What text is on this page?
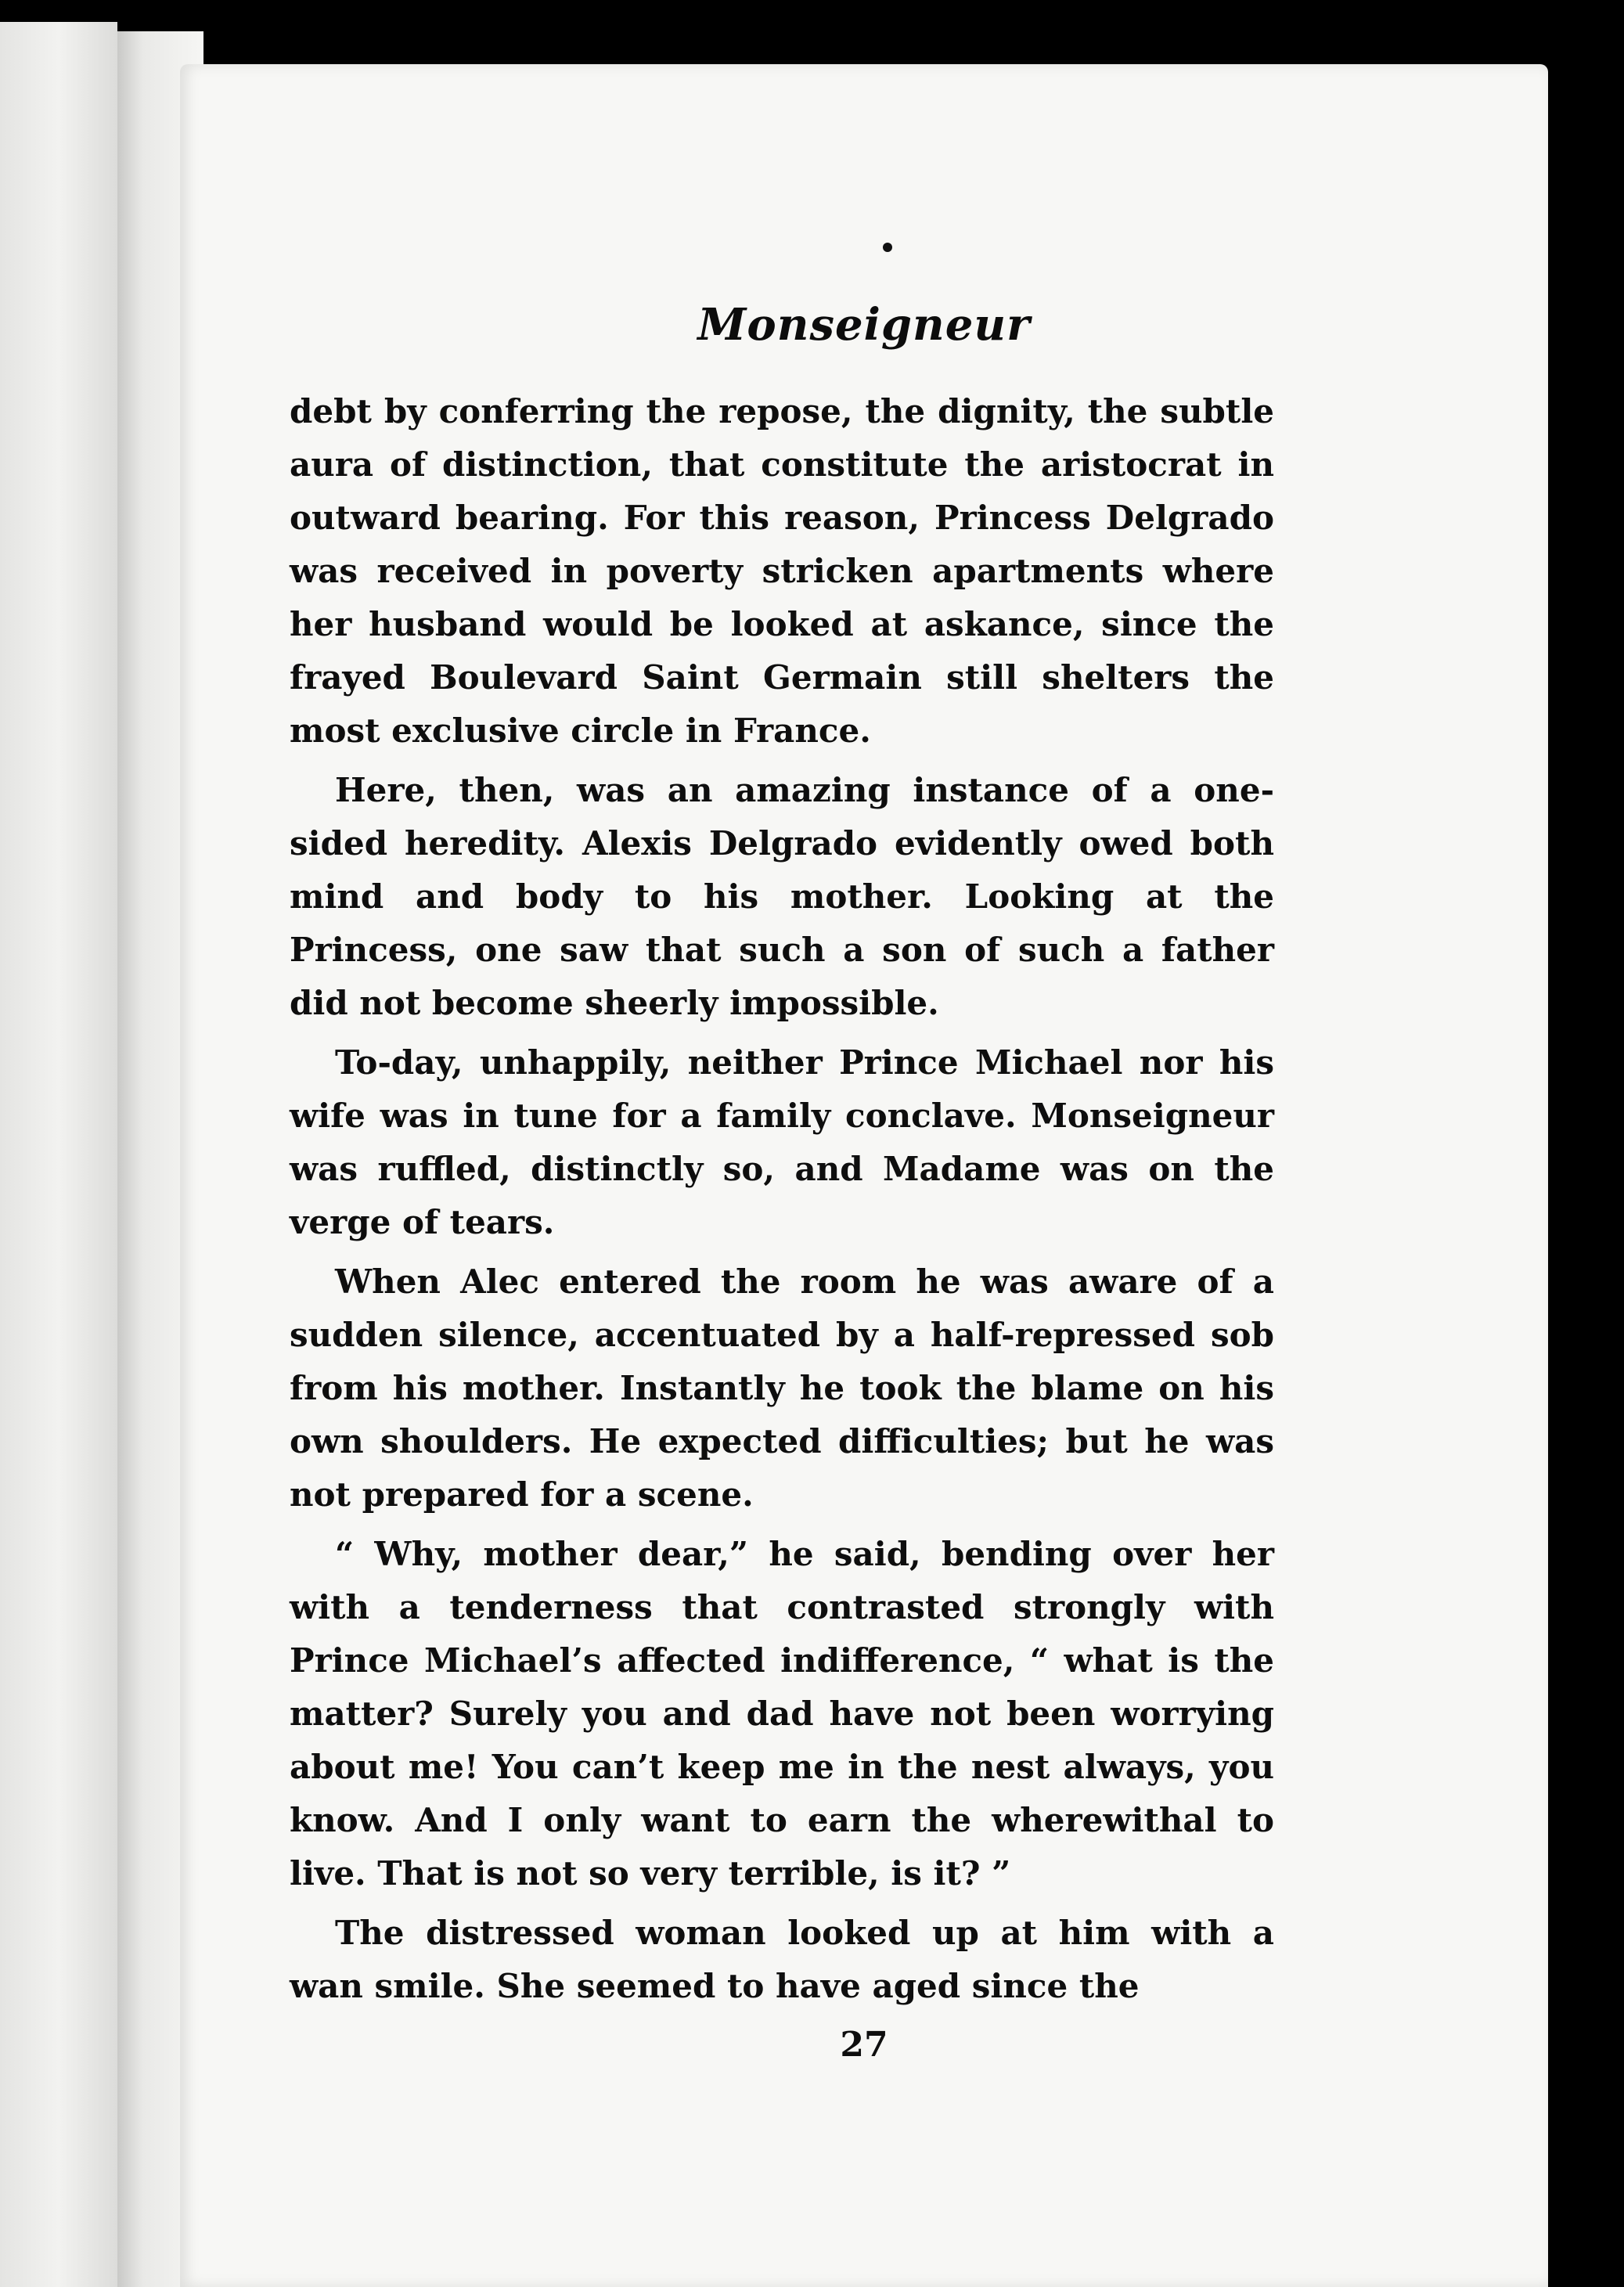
Monseigneur

debt by conferring the repose, the dignity, the subtle aura of distinction, that constitute the aristocrat in outward bearing. For this reason, Princess Delgrado was received in poverty stricken apartments where her husband would be looked at askance, since the frayed Boulevard Saint Germain still shelters the most exclusive circle in France.

Here, then, was an amazing instance of a one-sided heredity. Alexis Delgrado evidently owed both mind and body to his mother. Looking at the Princess, one saw that such a son of such a father did not become sheerly impossible.

To-day, unhappily, neither Prince Michael nor his wife was in tune for a family conclave. Monseigneur was ruffled, distinctly so, and Madame was on the verge of tears.

When Alec entered the room he was aware of a sudden silence, accentuated by a half-repressed sob from his mother. Instantly he took the blame on his own shoulders. He expected difficulties; but he was not prepared for a scene.

“ Why, mother dear,” he said, bending over her with a tenderness that contrasted strongly with Prince Michael’s affected indifference, “ what is the matter? Surely you and dad have not been worrying about me! You can’t keep me in the nest always, you know. And I only want to earn the wherewithal to live. That is not so very terrible, is it? ”

The distressed woman looked up at him with a wan smile. She seemed to have aged since the

27
